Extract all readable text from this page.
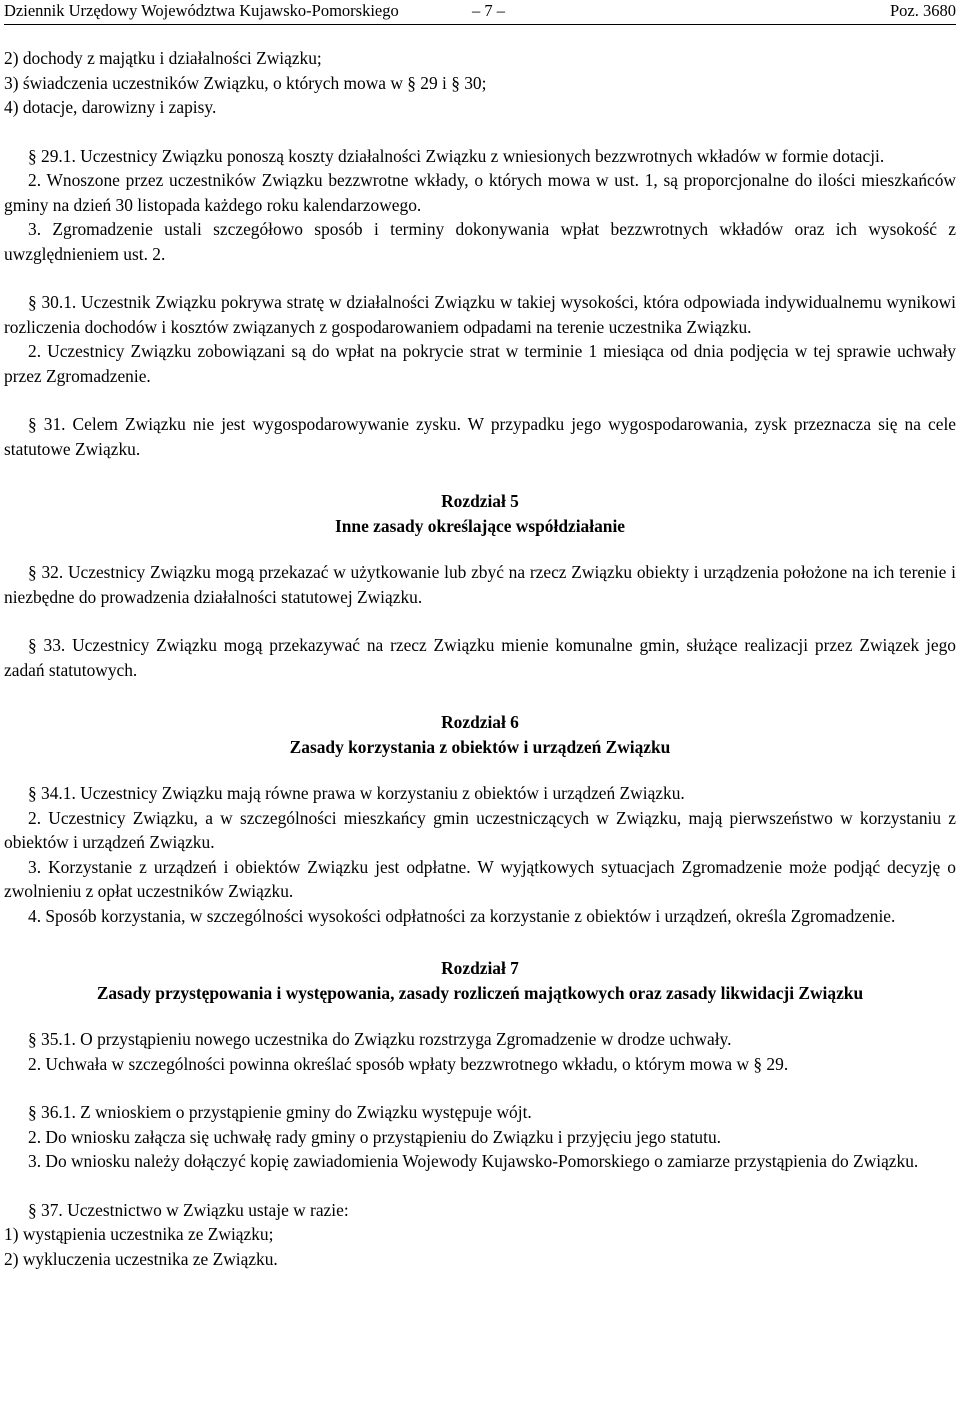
Dziennik Urzędowy Województwa Kujawsko-Pomorskiego	– 7 –	Poz. 3680

2) dochody z majątku i działalności Związku;

3) świadczenia uczestników Związku, o których mowa w § 29 i § 30;

4) dotacje, darowizny i zapisy.

§ 29.1. Uczestnicy Związku ponoszą koszty działalności Związku z wniesionych bezzwrotnych wkładów w formie dotacji.

2. Wnoszone przez uczestników Związku bezzwrotne wkłady, o których mowa w ust. 1, są proporcjonalne do ilości mieszkańców gminy na dzień 30 listopada każdego roku kalendarzowego.

3. Zgromadzenie ustali szczegółowo sposób i terminy dokonywania wpłat bezzwrotnych wkładów oraz ich wysokość z uwzględnieniem ust. 2.

§ 30.1. Uczestnik Związku pokrywa stratę w działalności Związku w takiej wysokości, która odpowiada indywidualnemu wynikowi rozliczenia dochodów i kosztów związanych z gospodarowaniem odpadami na terenie uczestnika Związku.

2. Uczestnicy Związku zobowiązani są do wpłat na pokrycie strat w terminie 1 miesiąca od dnia podjęcia w tej sprawie uchwały przez Zgromadzenie.

§ 31. Celem Związku nie jest wygospodarowywanie zysku. W przypadku jego wygospodarowania, zysk przeznacza się na cele statutowe Związku.

Rozdział 5

Inne zasady określające współdziałanie

§ 32. Uczestnicy Związku mogą przekazać w użytkowanie lub zbyć na rzecz Związku obiekty i urządzenia położone na ich terenie i niezbędne do prowadzenia działalności statutowej Związku.

§ 33. Uczestnicy Związku mogą przekazywać na rzecz Związku mienie komunalne gmin, służące realizacji przez Związek jego zadań statutowych.

Rozdział 6

Zasady korzystania z obiektów i urządzeń Związku

§ 34.1. Uczestnicy Związku mają równe prawa w korzystaniu z obiektów i urządzeń Związku.

2. Uczestnicy Związku, a w szczególności mieszkańcy gmin uczestniczących w Związku, mają pierwszeństwo w korzystaniu z obiektów i urządzeń Związku.

3. Korzystanie z urządzeń i obiektów Związku jest odpłatne. W wyjątkowych sytuacjach Zgromadzenie może podjąć decyzję o zwolnieniu z opłat uczestników Związku.

4. Sposób korzystania, w szczególności wysokości odpłatności za korzystanie z obiektów i urządzeń, określa Zgromadzenie.

Rozdział 7

Zasady przystępowania i występowania, zasady rozliczeń majątkowych oraz zasady likwidacji Związku

§ 35.1. O przystąpieniu nowego uczestnika do Związku rozstrzyga Zgromadzenie w drodze uchwały.

2. Uchwała w szczególności powinna określać sposób wpłaty bezzwrotnego wkładu, o którym mowa w § 29.

§ 36.1. Z wnioskiem o przystąpienie gminy do Związku występuje wójt.

2. Do wniosku załącza się uchwałę rady gminy o przystąpieniu do Związku i przyjęciu jego statutu.

3. Do wniosku należy dołączyć kopię zawiadomienia Wojewody Kujawsko-Pomorskiego o zamiarze przystąpienia do Związku.

§ 37. Uczestnictwo w Związku ustaje w razie:

1) wystąpienia uczestnika ze Związku;

2) wykluczenia uczestnika ze Związku.
